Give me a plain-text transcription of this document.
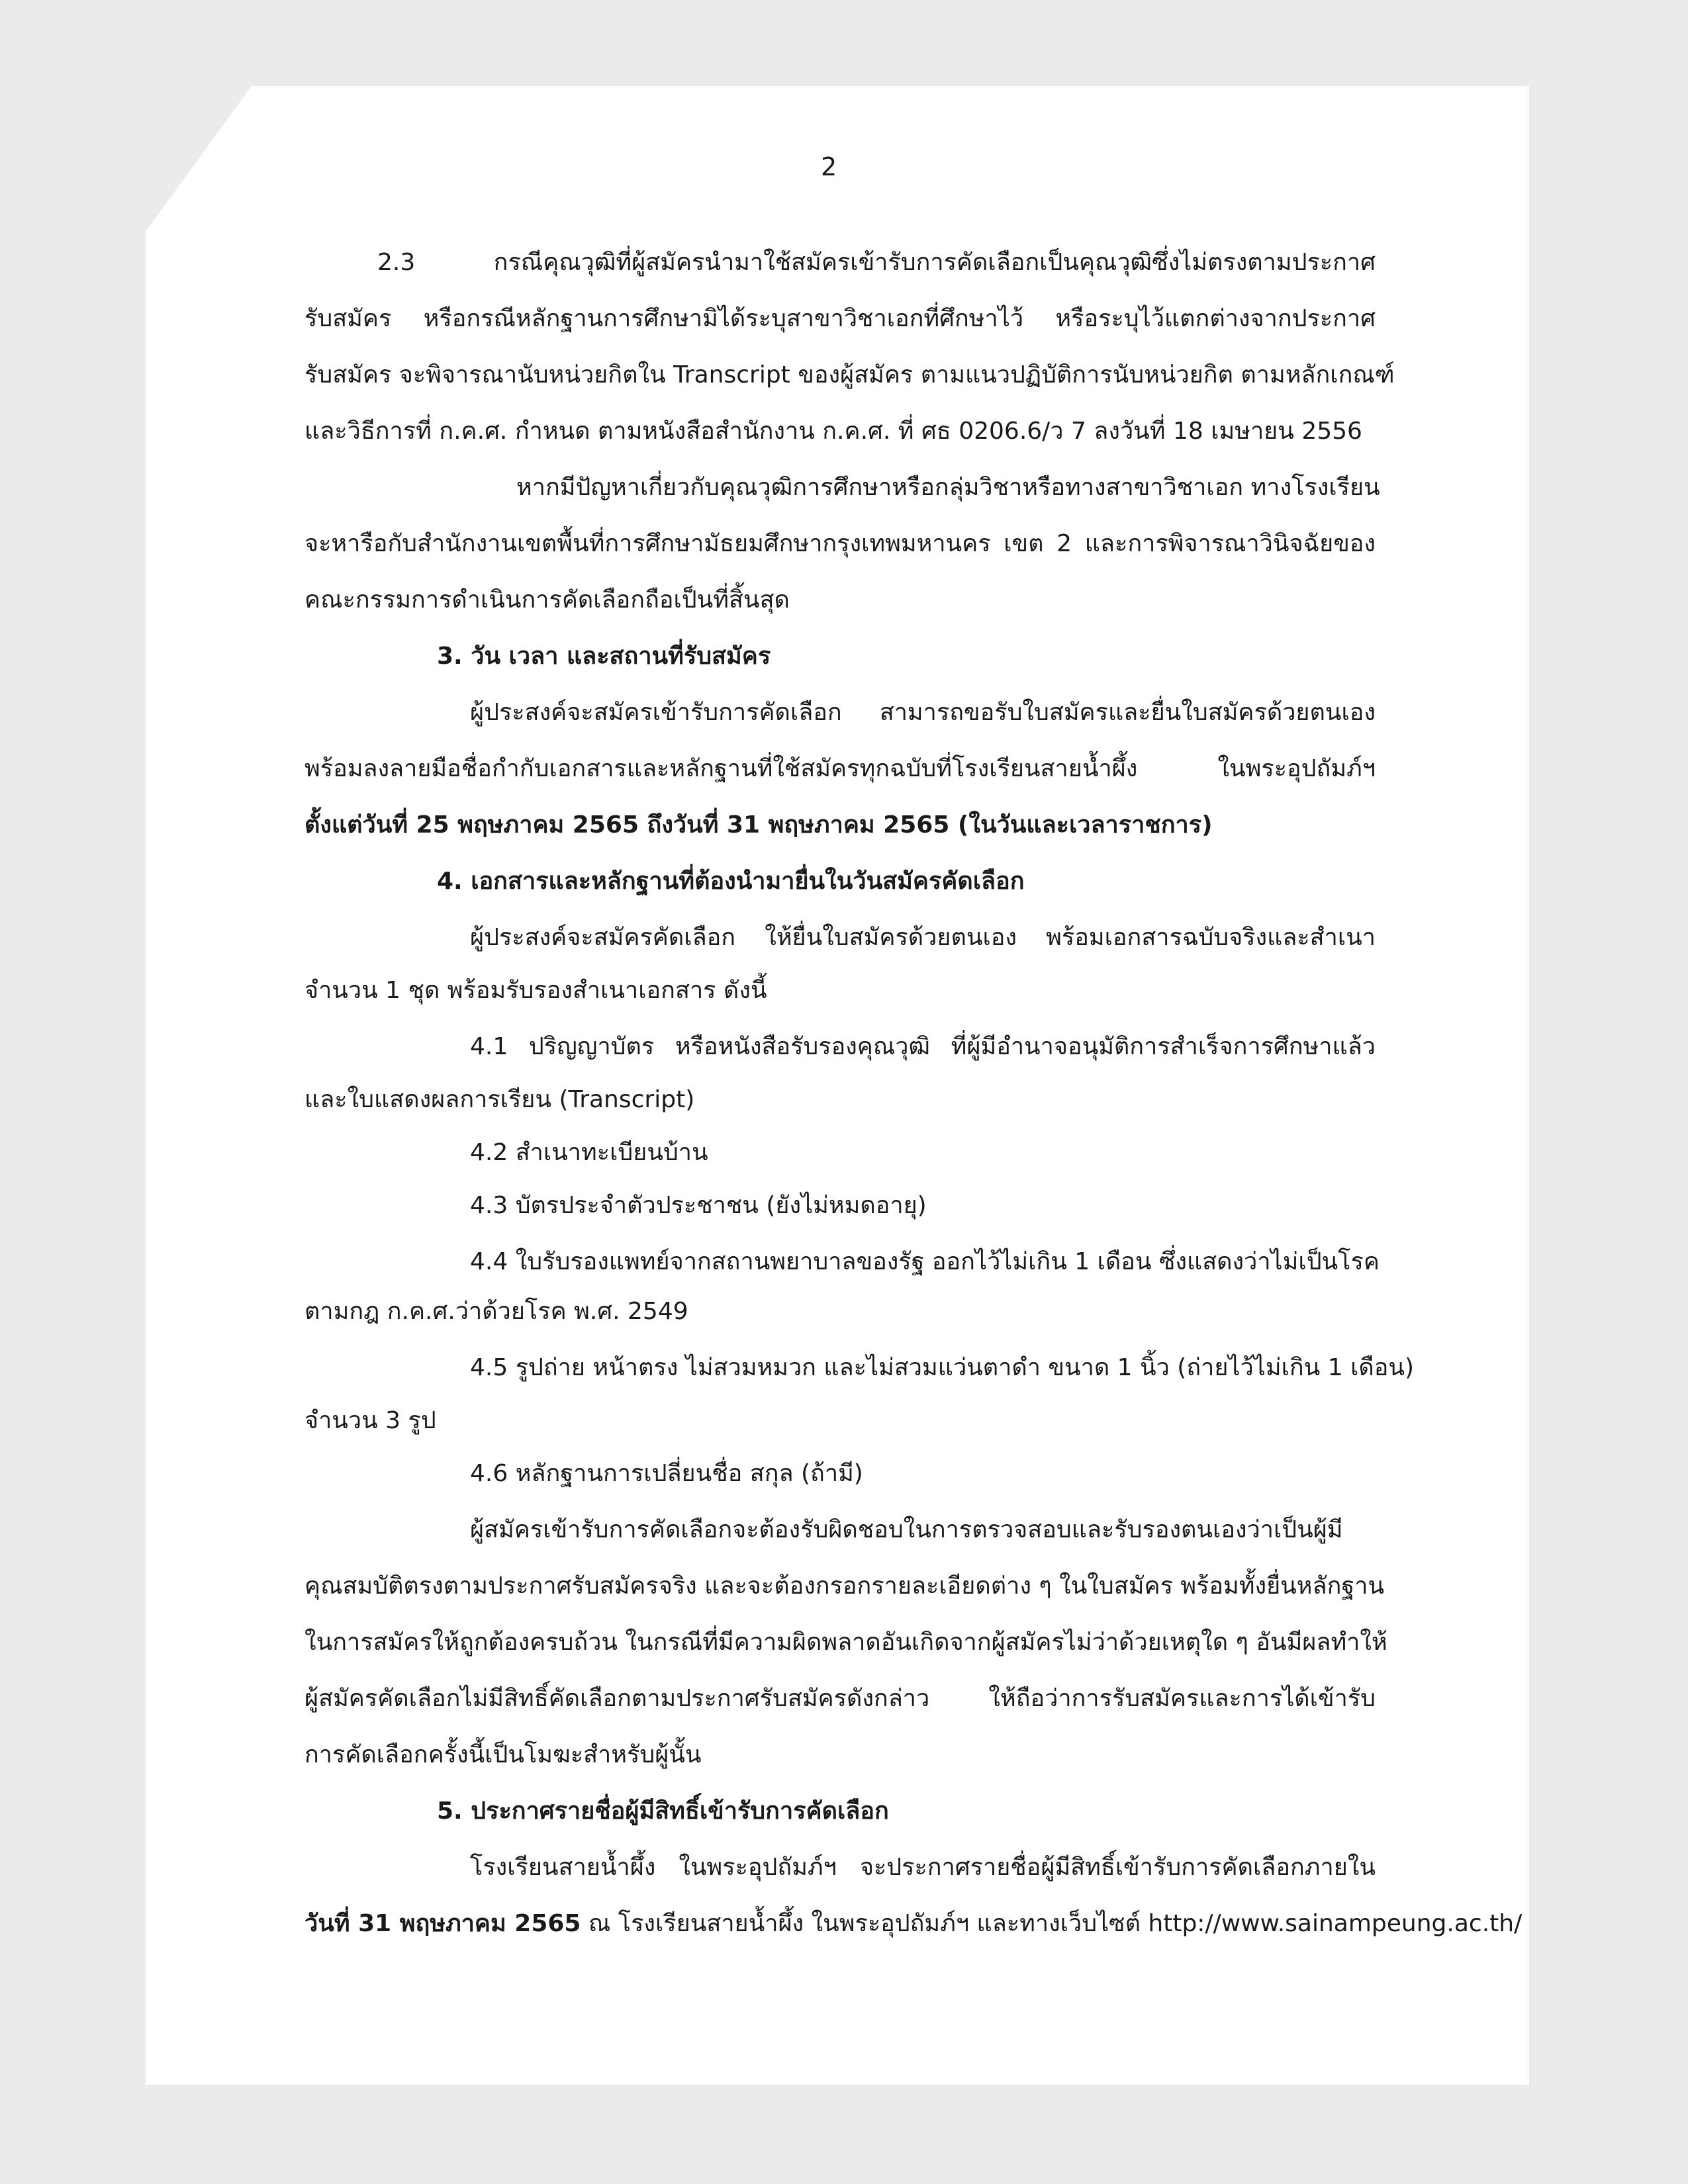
2
2.3 กรณีคุณวุฒิที่ผู้สมัครนำมาใช้สมัครเข้ารับการคัดเลือกเป็นคุณวุฒิซึ่งไม่ตรงตามประกาศ
รับสมัคร หรือกรณีหลักฐานการศึกษามิได้ระบุสาขาวิชาเอกที่ศึกษาไว้ หรือระบุไว้แตกต่างจากประกาศ
รับสมัคร จะพิจารณานับหน่วยกิตใน Transcript ของผู้สมัคร ตามแนวปฏิบัติการนับหน่วยกิต ตามหลักเกณฑ์
และวิธีการที่ ก.ค.ศ. กำหนด ตามหนังสือสำนักงาน ก.ค.ศ. ที่ ศธ 0206.6/ว 7 ลงวันที่ 18 เมษายน 2556
หากมีปัญหาเกี่ยวกับคุณวุฒิการศึกษาหรือกลุ่มวิชาหรือทางสาขาวิชาเอก ทางโรงเรียน
จะหารือกับสำนักงานเขตพื้นที่การศึกษามัธยมศึกษากรุงเทพมหานคร เขต 2 และการพิจารณาวินิจฉัยของ
คณะกรรมการดำเนินการคัดเลือกถือเป็นที่สิ้นสุด
3. วัน เวลา และสถานที่รับสมัคร
ผู้ประสงค์จะสมัครเข้ารับการคัดเลือก สามารถขอรับใบสมัครและยื่นใบสมัครด้วยตนเอง
พร้อมลงลายมือชื่อกำกับเอกสารและหลักฐานที่ใช้สมัครทุกฉบับที่โรงเรียนสายน้ำผึ้ง ในพระอุปถัมภ์ฯ
ตั้งแต่วันที่ 25 พฤษภาคม 2565 ถึงวันที่ 31 พฤษภาคม 2565 (ในวันและเวลาราชการ)
4. เอกสารและหลักฐานที่ต้องนำมายื่นในวันสมัครคัดเลือก
ผู้ประสงค์จะสมัครคัดเลือก ให้ยื่นใบสมัครด้วยตนเอง พร้อมเอกสารฉบับจริงและสำเนา
จำนวน 1 ชุด พร้อมรับรองสำเนาเอกสาร ดังนี้
4.1 ปริญญาบัตร หรือหนังสือรับรองคุณวุฒิ ที่ผู้มีอำนาจอนุมัติการสำเร็จการศึกษาแล้ว
และใบแสดงผลการเรียน (Transcript)
4.2 สำเนาทะเบียนบ้าน
4.3 บัตรประจำตัวประชาชน (ยังไม่หมดอายุ)
4.4 ใบรับรองแพทย์จากสถานพยาบาลของรัฐ ออกไว้ไม่เกิน 1 เดือน ซึ่งแสดงว่าไม่เป็นโรค
ตามกฎ ก.ค.ศ.ว่าด้วยโรค พ.ศ. 2549
4.5 รูปถ่าย หน้าตรง ไม่สวมหมวก และไม่สวมแว่นตาดำ ขนาด 1 นิ้ว (ถ่ายไว้ไม่เกิน 1 เดือน)
จำนวน 3 รูป
4.6 หลักฐานการเปลี่ยนชื่อ สกุล (ถ้ามี)
ผู้สมัครเข้ารับการคัดเลือกจะต้องรับผิดชอบในการตรวจสอบและรับรองตนเองว่าเป็นผู้มี
คุณสมบัติตรงตามประกาศรับสมัครจริง และจะต้องกรอกรายละเอียดต่าง ๆ ในใบสมัคร พร้อมทั้งยื่นหลักฐาน
ในการสมัครให้ถูกต้องครบถ้วน ในกรณีที่มีความผิดพลาดอันเกิดจากผู้สมัครไม่ว่าด้วยเหตุใด ๆ อันมีผลทำให้
ผู้สมัครคัดเลือกไม่มีสิทธิ์คัดเลือกตามประกาศรับสมัครดังกล่าว ให้ถือว่าการรับสมัครและการได้เข้ารับ
การคัดเลือกครั้งนี้เป็นโมฆะสำหรับผู้นั้น
5. ประกาศรายชื่อผู้มีสิทธิ์เข้ารับการคัดเลือก
โรงเรียนสายน้ำผึ้ง ในพระอุปถัมภ์ฯ จะประกาศรายชื่อผู้มีสิทธิ์เข้ารับการคัดเลือกภายใน
วันที่ 31 พฤษภาคม 2565 ณ โรงเรียนสายน้ำผึ้ง ในพระอุปถัมภ์ฯ และทางเว็บไซต์ http://www.sainampeung.ac.th/
